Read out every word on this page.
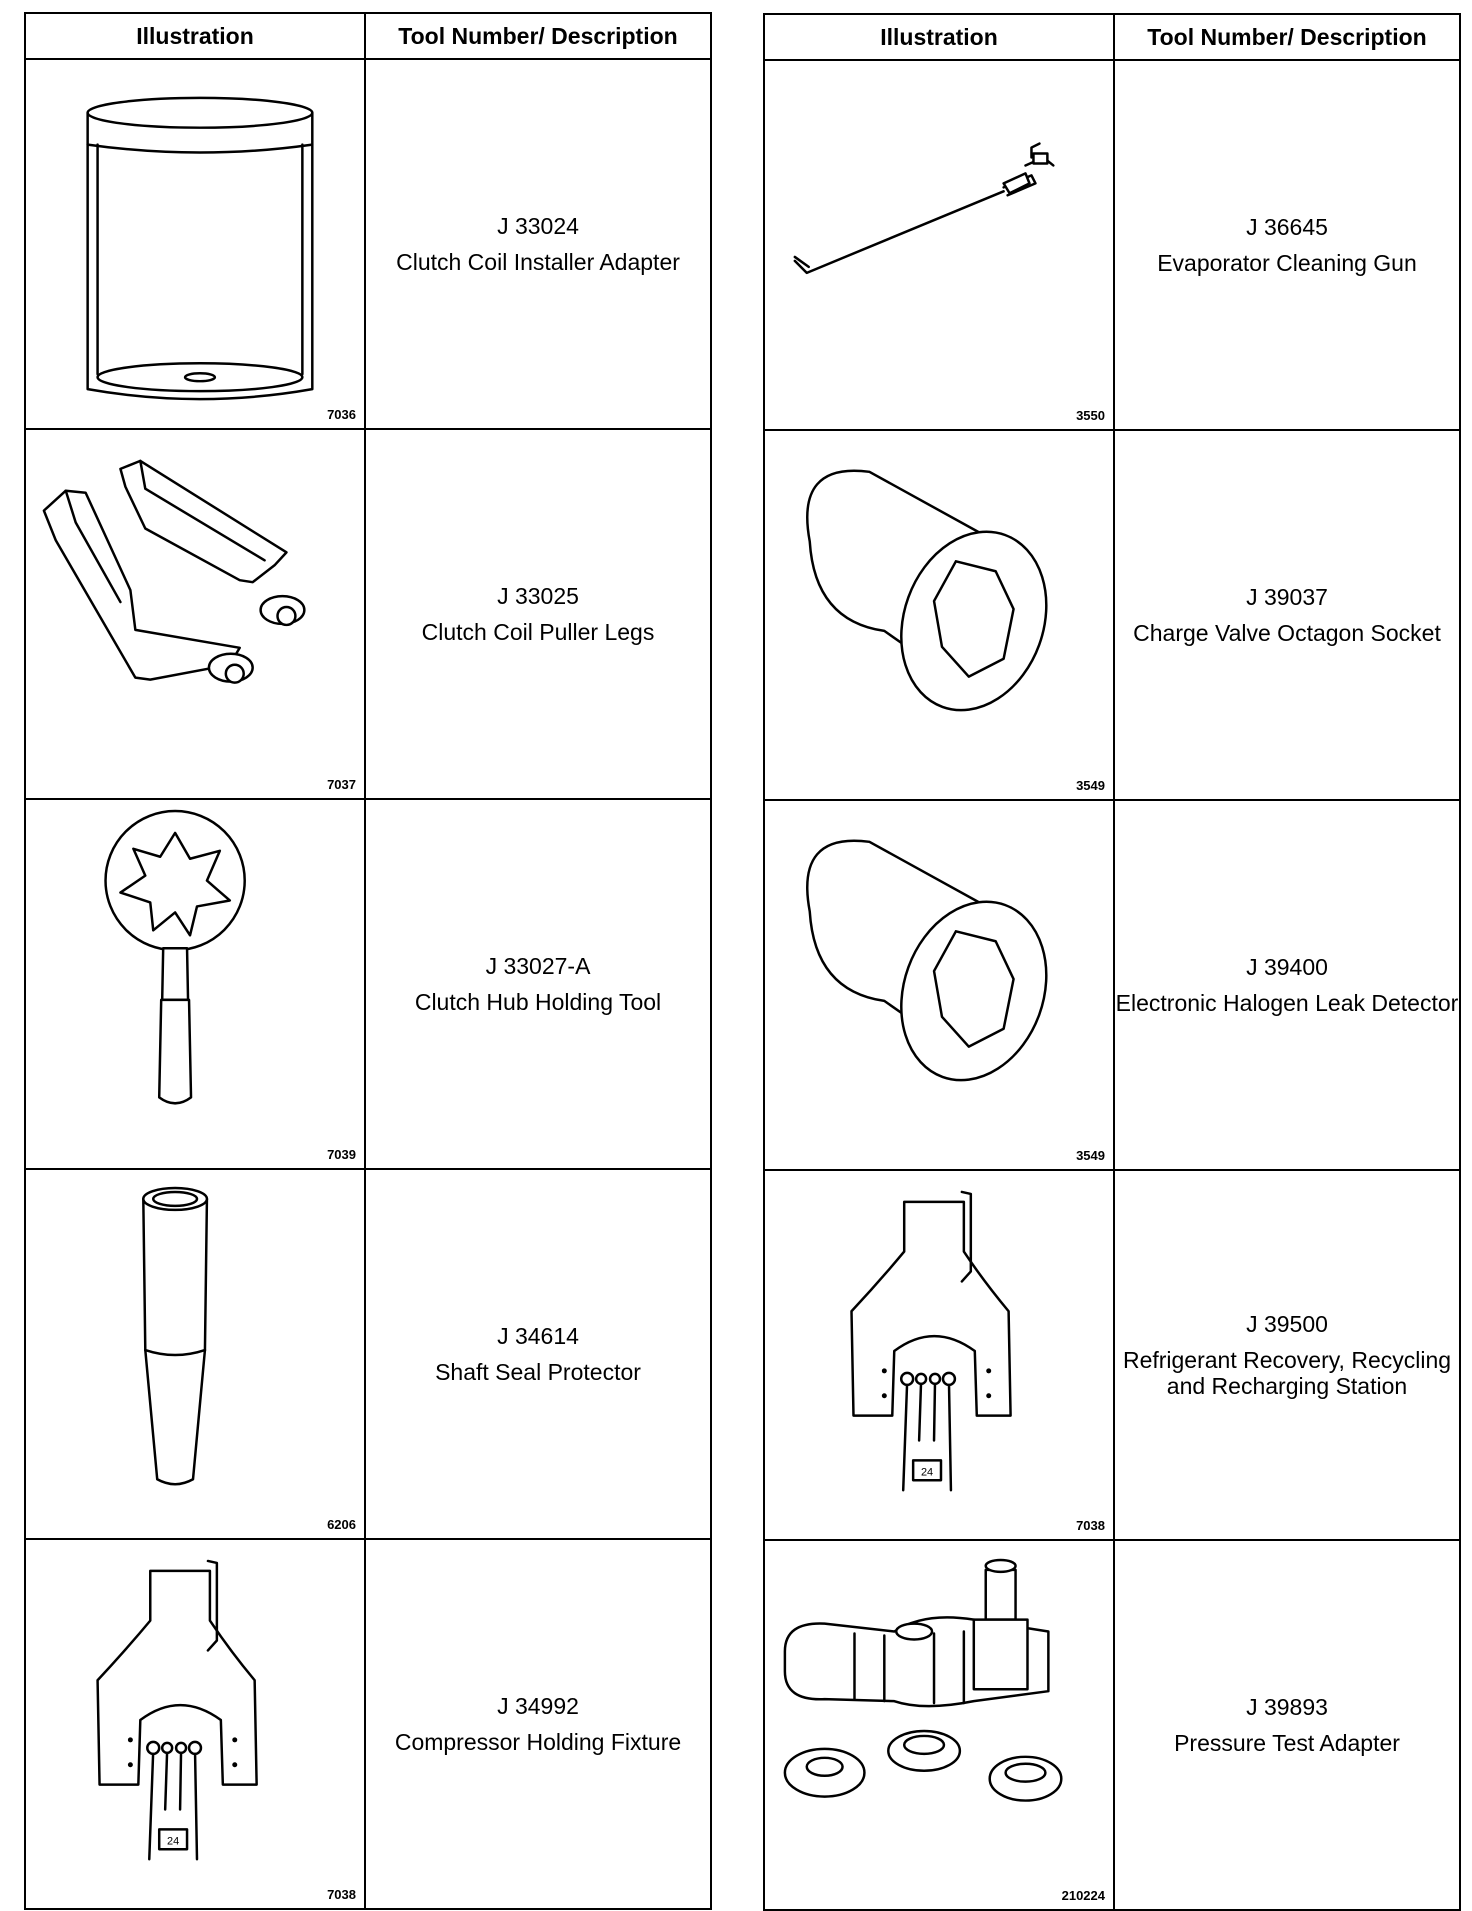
Illustration	Tool Number/ Description

7036	J 33024
Clutch Coil Installer Adapter

7037	J 33025
Clutch Coil Puller Legs

7039	J 33027-A
Clutch Hub Holding Tool

6206	J 34614
Shaft Seal Protector

24
7038	J 34992
Compressor Holding Fixture
Illustration	Tool Number/ Description

3550	J 36645
Evaporator Cleaning Gun

3549	J 39037
Charge Valve Octagon Socket

3549	J 39400
Electronic Halogen Leak Detector

24
7038	J 39500
Refrigerant Recovery, Recycling and Recharging Station

210224	J 39893
Pressure Test Adapter
